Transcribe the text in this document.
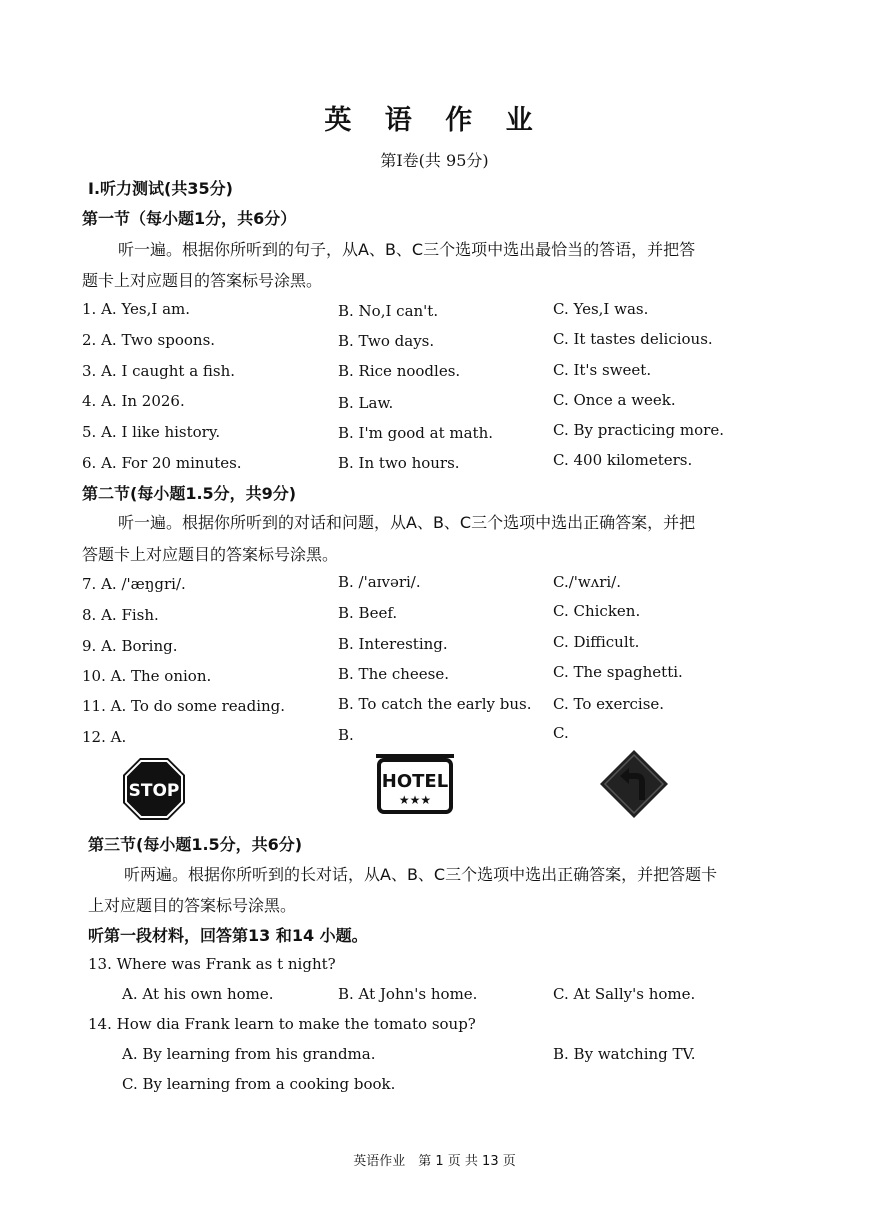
英 语 作 业
第Ⅰ卷(共 95分)
Ⅰ.听力测试(共35分)
第一节（每小题1分，共6分）
听一遍。根据你所听到的句子，从A、B、C三个选项中选出最恰当的答语，并把答
题卡上对应题目的答案标号涂黑。
1. A. Yes,I am.	B. No,I can't.	C. Yes,I was.
2. A. Two spoons.	B. Two days.	C. It tastes delicious.
3. A. I caught a fish.	B. Rice noodles.	C. It's sweet.
4. A. In 2026.	B. Law.	C. Once a week.
5. A. I like history.	B. I'm good at math.	C. By practicing more.
6. A. For 20 minutes.	B. In two hours.	C. 400 kilometers.
第二节(每小题1.5分，共9分)
听一遍。根据你所听到的对话和问题，从A、B、C三个选项中选出正确答案，并把
答题卡上对应题目的答案标号涂黑。
7. A. /'æŋgri/.	B. /'aɪvəri/.	C./'wʌri/.
8. A. Fish.	B. Beef.	C. Chicken.
9. A. Boring.	B. Interesting.	C. Difficult.
10. A. The onion.	B. The cheese.	C. The spaghetti.
11. A. To do some reading.	B. To catch the early bus. C. To exercise.
12. A.	B.	C.
STOP	HOTEL
★★★
第三节(每小题1.5分，共6分)
听两遍。根据你所听到的长对话，从A、B、C三个选项中选出正确答案，并把答题卡
上对应题目的答案标号涂黑。
听第一段材料，回答第13 和14 小题。
13. Where was Frank as t night?
A. At his own home.	B. At John's home.	C. At Sally's home.
14. How dia Frank learn to make the tomato soup?
A. By learning from his grandma.	B. By watching TV.
C. By learning from a cooking book.
英语作业　第 1 页 共 13 页
